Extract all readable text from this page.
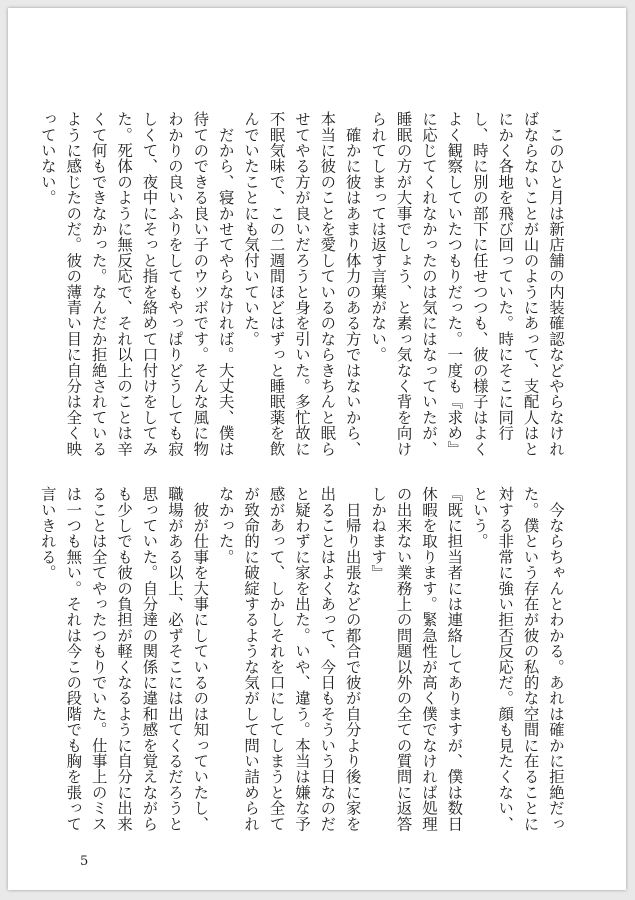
　このひと月は新店舗の内装確認などやらなければならないことが山のようにあって、支配人はとにかく各地を飛び回っていた。時にそこに同行し、時に別の部下に任せつつも、彼の様子はよくよく観察していたつもりだった。一度も『求め』に応じてくれなかったのは気にはなっていたが、睡眠の方が大事でしょう、と素っ気なく背を向けられてしまっては返す言葉がない。

　確かに彼はあまり体力のある方ではないから、本当に彼のことを愛しているのならきちんと眠らせてやる方が良いだろうと身を引いた。多忙故に不眠気味で、この二週間ほどはずっと睡眠薬を飲んでいたことにも気付いていた。

　だから、寝かせてやらなければ。大丈夫、僕は待てのできる良い子のウツボです。そんな風に物わかりの良いふりをしてもやっぱりどうしても寂しくて、夜中にそっと指を絡めて口付けをしてみた。死体のように無反応で、それ以上のことは辛くて何もできなかった。なんだか拒絶されているように感じたのだ。彼の薄青い目に自分は全く映っていない。

　今ならちゃんとわかる。あれは確かに拒絶だった。僕という存在が彼の私的な空間に在ることに対する非常に強い拒否反応だ。顔も見たくない、という。

『既に担当者には連絡してありますが、僕は数日休暇を取ります。緊急性が高く僕でなければ処理の出来ない業務上の問題以外の全ての質問に返答しかねます』

　日帰り出張などの都合で彼が自分より後に家を出ることはよくあって、今日もそういう日なのだと疑わずに家を出た。いや、違う。本当は嫌な予感があって、しかしそれを口にしてしまうと全てが致命的に破綻するような気がして問い詰められなかった。

　彼が仕事を大事にしているのは知っていたし、職場がある以上、必ずそこには出てくるだろうと思っていた。自分達の関係に違和感を覚えながらも少しでも彼の負担が軽くなるように自分に出来ることは全てやったつもりでいた。仕事上のミスは一つも無い。それは今この段階でも胸を張って言いきれる。

5
